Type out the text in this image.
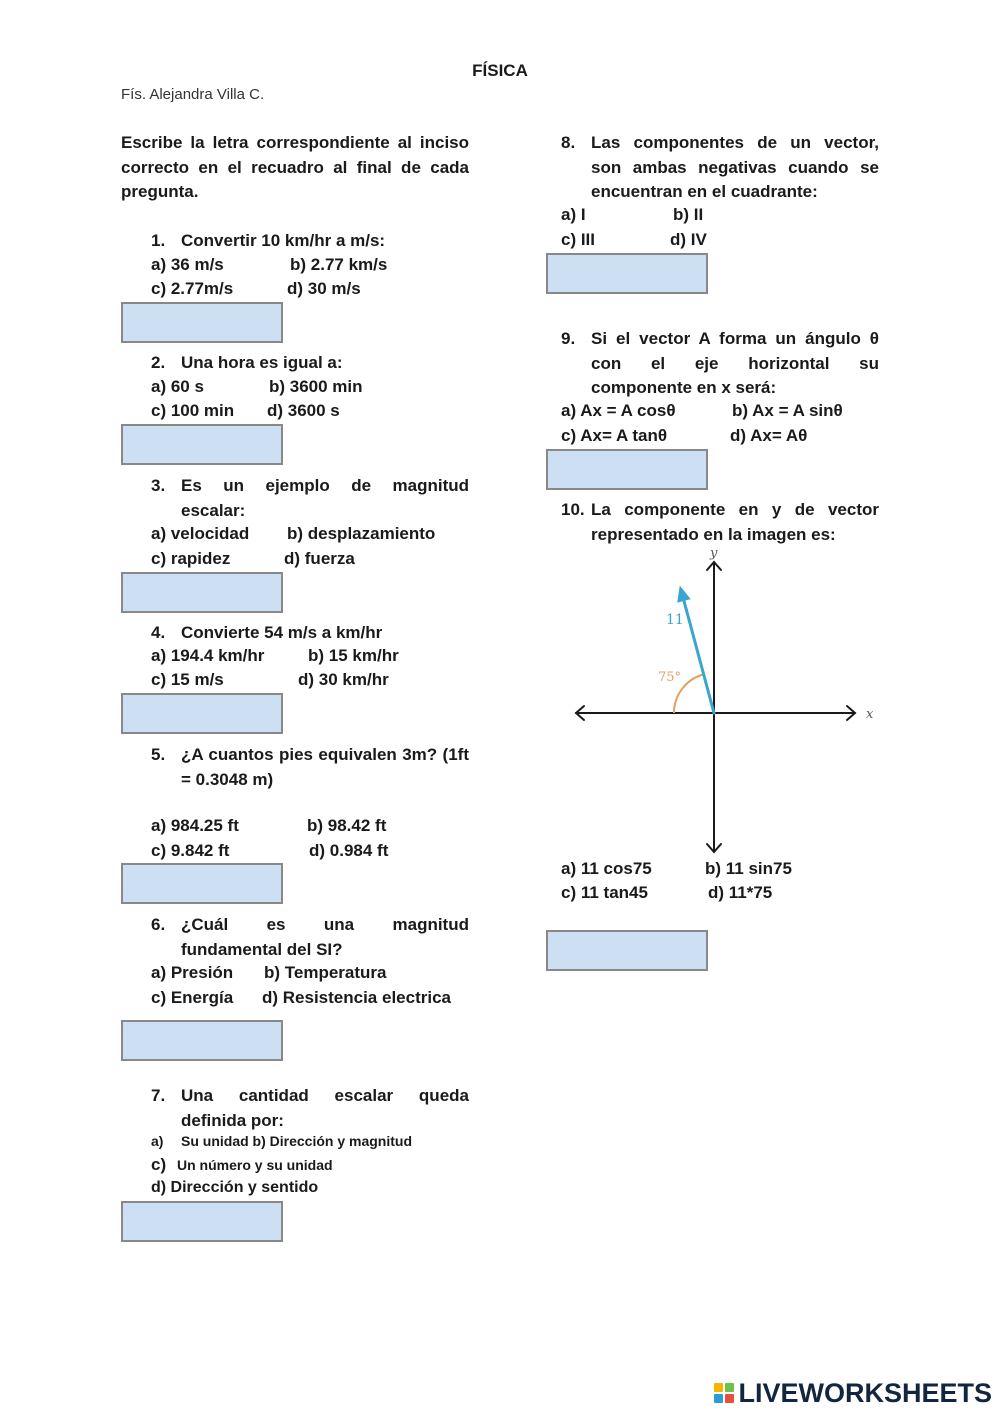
FÍSICA
Fís. Alejandra Villa C.
Escribe la letra correspondiente al inciso correcto en el recuadro al final de cada pregunta.
1. Convertir 10 km/hr a m/s:
a) 36 m/s	b) 2.77 km/s
c) 2.77m/s	d) 30 m/s
2. Una hora es igual a:
a) 60 s	b) 3600 min
c) 100 min d) 3600 s
3. Es un ejemplo de magnitud escalar:
a) velocidad b) desplazamiento
c) rapidez	d) fuerza
4. Convierte 54 m/s a km/hr
a) 194.4 km/hr	b) 15 km/hr
c) 15 m/s	d) 30 km/hr
5. ¿A cuantos pies equivalen 3m? (1ft = 0.3048 m)
a) 984.25 ft	b) 98.42 ft
c) 9.842 ft	d) 0.984 ft
6. ¿Cuál es una magnitud fundamental del SI?
a) Presión b) Temperatura
c) Energía d) Resistencia electrica
7. Una cantidad escalar queda definida por:
a) Su unidad b) Dirección y magnitud
c) Un número y su unidad
d) Dirección y sentido
8. Las componentes de un vector, son ambas negativas cuando se encuentran en el cuadrante:
a) I	b) II
c) III	d) IV
9. Si el vector A forma un ángulo θ con el eje horizontal su componente en x será:
a) Ax = A cosθ	b) Ax = A sinθ
c) Ax= A tanθ	d) Ax= Aθ
10. La componente en y de vector representado en la imagen es:
x
y
11
75°
a) 11 cos75	b) 11 sin75
c) 11 tan45	d) 11*75
LIVEWORKSHEETS
